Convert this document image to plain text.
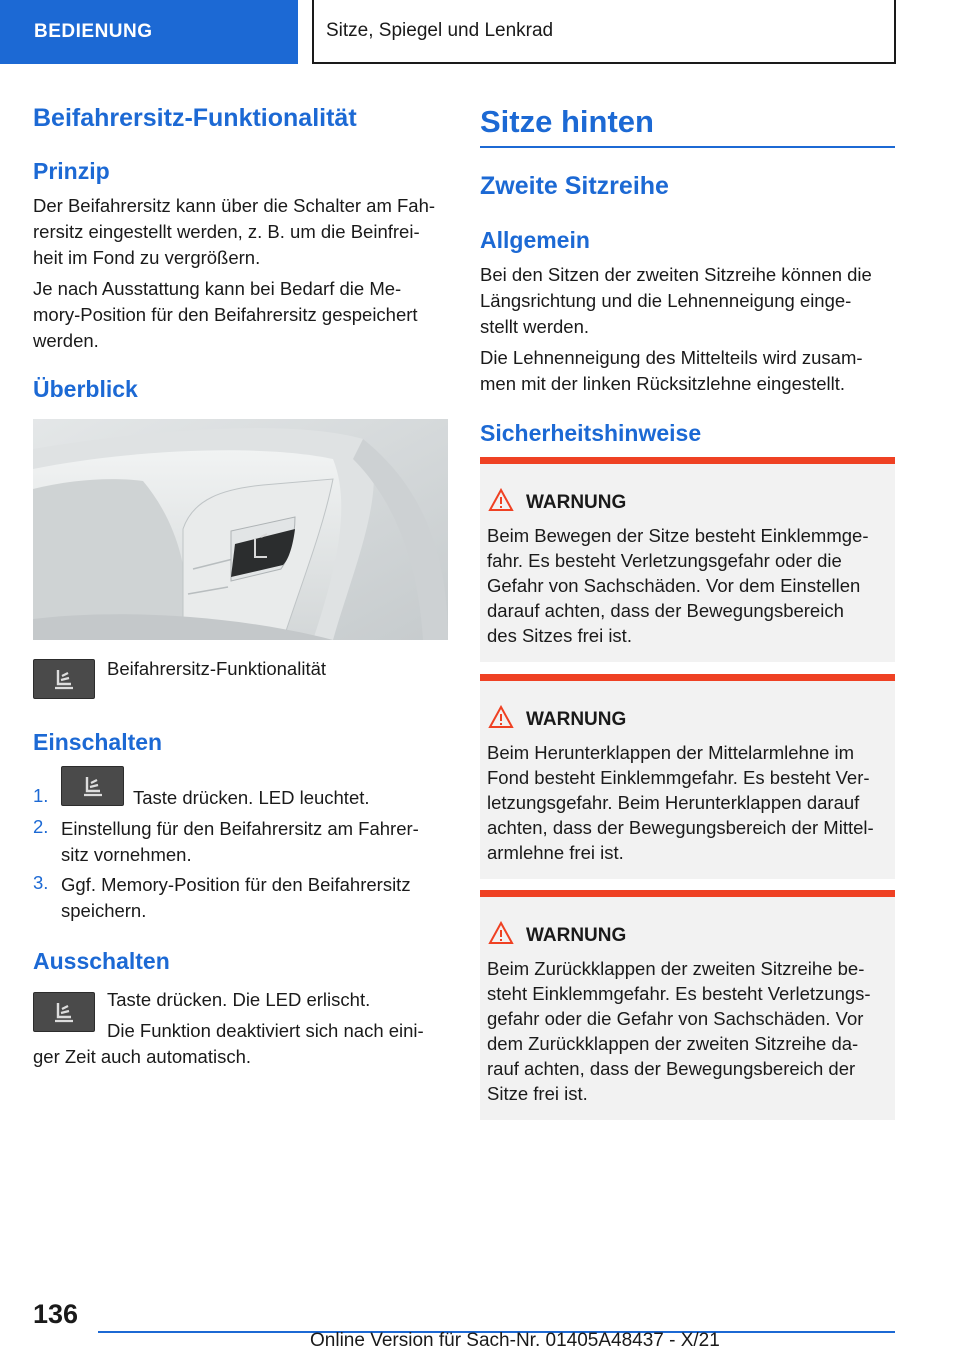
BEDIENUNG	Sitze, Spiegel und Lenkrad
Beifahrersitz-Funktionalität
Prinzip

Der Beifahrersitz kann über die Schalter am Fah-

rersitz eingestellt werden, z. B. um die Beinfrei-

heit im Fond zu vergrößern.

Je nach Ausstattung kann bei Bedarf die Me-

mory-Position für den Beifahrersitz gespeichert

werden.

Überblick
Beifahrersitz-Funktionalität
Einschalten
1.	Taste drücken. LED leuchtet.
2. Einstellung für den Beifahrersitz am Fahrer-

sitz vornehmen.

3. Ggf. Memory-Position für den Beifahrersitz

speichern.

Ausschalten
Taste drücken. Die LED erlischt.
Die Funktion deaktiviert sich nach eini-
ger Zeit auch automatisch.
Sitze hinten
Zweite Sitzreihe
Allgemein

Bei den Sitzen der zweiten Sitzreihe können die

Längsrichtung und die Lehnenneigung einge-

stellt werden.

Die Lehnenneigung des Mittelteils wird zusam-

men mit der linken Rücksitzlehne eingestellt.

Sicherheitshinweise
WARNUNG
Beim Bewegen der Sitze besteht Einklemmge-
fahr. Es besteht Verletzungsgefahr oder die
Gefahr von Sachschäden. Vor dem Einstellen
darauf achten, dass der Bewegungsbereich
des Sitzes frei ist.
WARNUNG
Beim Herunterklappen der Mittelarmlehne im
Fond besteht Einklemmgefahr. Es besteht Ver-
letzungsgefahr. Beim Herunterklappen darauf
achten, dass der Bewegungsbereich der Mittel-
armlehne frei ist.
WARNUNG
Beim Zurückklappen der zweiten Sitzreihe be-
steht Einklemmgefahr. Es besteht Verletzungs-
gefahr oder die Gefahr von Sachschäden. Vor
dem Zurückklappen der zweiten Sitzreihe da-
rauf achten, dass der Bewegungsbereich der
Sitze frei ist.
136
Online Version für Sach-Nr. 01405A48437 - X/21
